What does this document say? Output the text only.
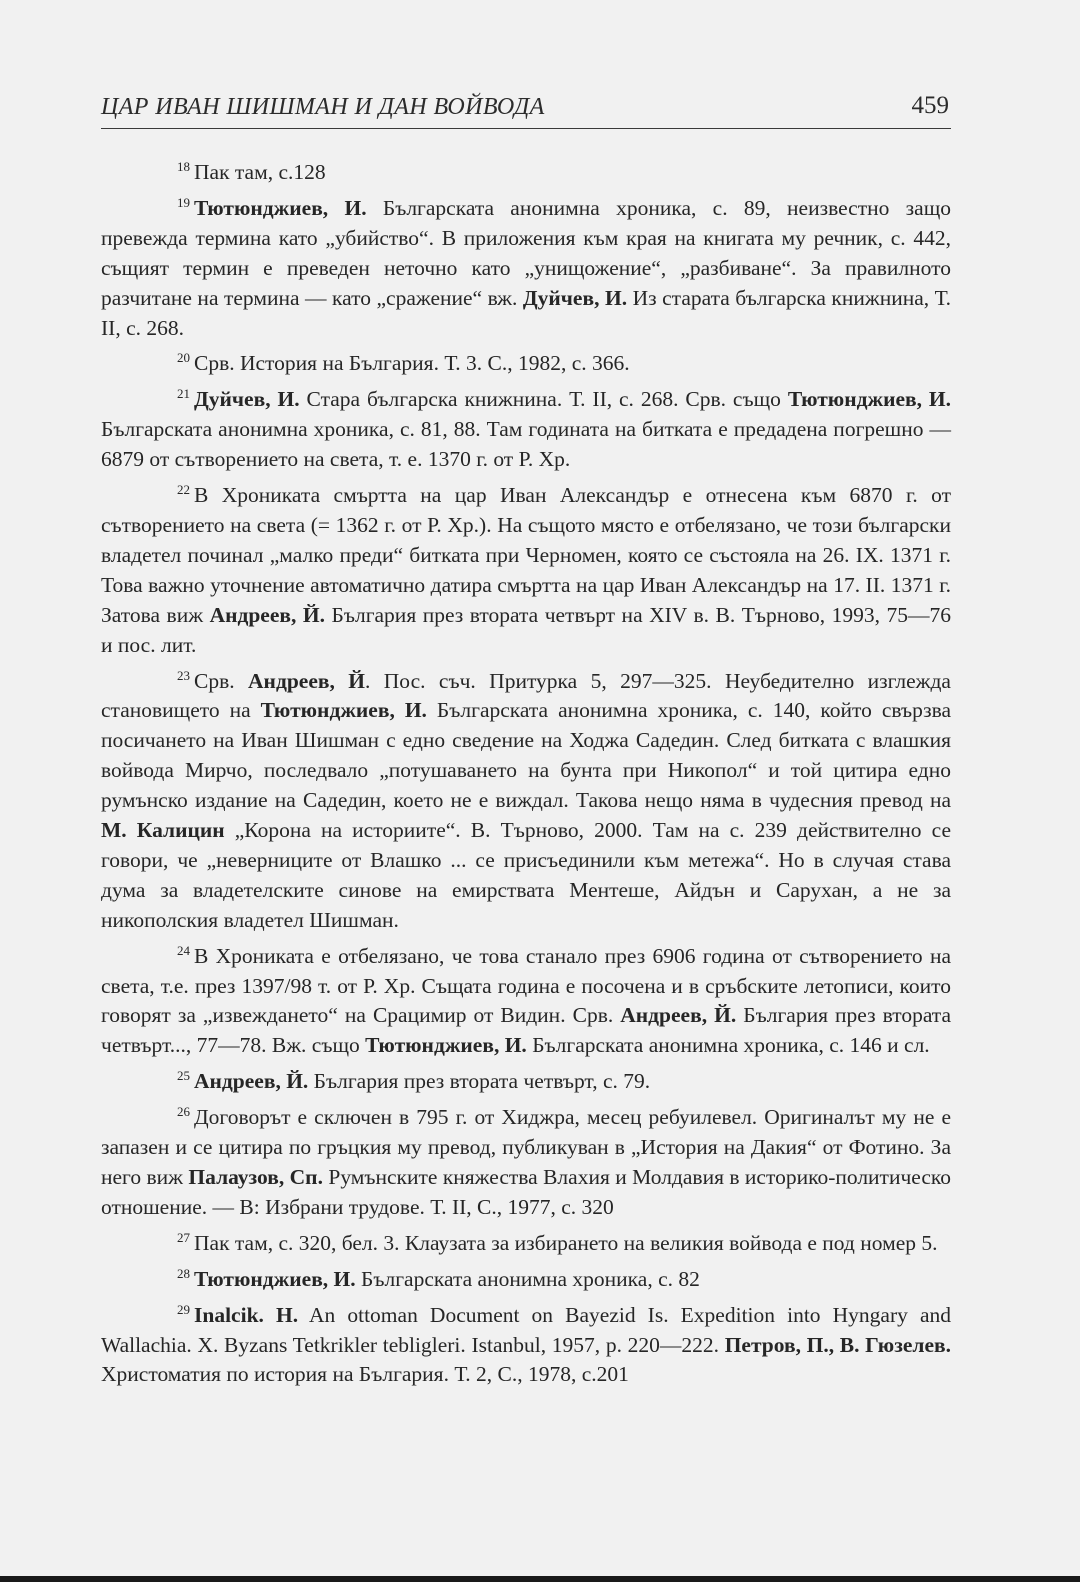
ЦАР ИВАН ШИШМАН И ДАН ВОЙВОДА	459

$^{18}$ Пак там, с.128

$^{19}$ Тютюнджиев, И. Българската анонимна хроника, с. 89, неизвестно защо превежда термина като „убийство“. В приложения към края на книгата му речник, с. 442, същият термин е преведен неточно като „унищожение“, „разбиване“. За правилното разчитане на термина — като „сражение“ вж. Дуйчев, И. Из старата българска книжнина, Т. II, с. 268.

$^{20}$ Срв. История на България. Т. 3. С., 1982, с. 366.

$^{21}$ Дуйчев, И. Стара българска книжнина. Т. II, с. 268. Срв. също Тютюнджиев, И. Българската анонимна хроника, с. 81, 88. Там годината на битката е предадена погрешно — 6879 от сътворението на света, т. е. 1370 г. от Р. Хр.

$^{22}$ В Хрониката смъртта на цар Иван Александър е отнесена към 6870 г. от сътворението на света (= 1362 г. от Р. Хр.). На същото място е отбелязано, че този български владетел починал „малко преди“ битката при Черномен, която се състояла на 26. IX. 1371 г. Това важно уточнение автоматично датира смъртта на цар Иван Александър на 17. II. 1371 г. Затова виж Андреев, Й. България през втората четвърт на XIV в. В. Търново, 1993, 75—76 и пос. лит.

$^{23}$ Срв. Андреев, Й. Пос. съч. Притурка 5, 297—325. Неубедително изглежда становището на Тютюнджиев, И. Българската анонимна хроника, с. 140, който свързва посичането на Иван Шишман с едно сведение на Ходжа Садедин. След битката с влашкия войвода Мирчо, последвало „потушаването на бунта при Никопол“ и той цитира едно румънско издание на Садедин, което не е виждал. Такова нещо няма в чудесния превод на М. Калицин „Корона на историите“. В. Търново, 2000. Там на с. 239 действително се говори, че „неверниците от Влашко ... се присъединили към метежа“. Но в случая става дума за владетелските синове на емирствата Ментеше, Айдън и Сарухан, а не за никополския владетел Шишман.

$^{24}$ В Хрониката е отбелязано, че това станало през 6906 година от сътворението на света, т.е. през 1397/98 т. от Р. Хр. Същата година е посочена и в сръбските летописи, които говорят за „извеждането“ на Срацимир от Видин. Срв. Андреев, Й. България през втората четвърт..., 77—78. Вж. също Тютюнджиев, И. Българската анонимна хроника, с. 146 и сл.

$^{25}$ Андреев, Й. България през втората четвърт, с. 79.

$^{26}$ Договорът е сключен в 795 г. от Хиджра, месец ребуилевел. Оригиналът му не е запазен и се цитира по гръцкия му превод, публикуван в „История на Дакия“ от Фотино. За него виж Палаузов, Сп. Румънските княжества Влахия и Молдавия в историко-политическо отношение. — В: Избрани трудове. Т. II, С., 1977, с. 320

$^{27}$ Пак там, с. 320, бел. 3. Клаузата за избирането на великия войвода е под номер 5.

$^{28}$ Тютюнджиев, И. Българската анонимна хроника, с. 82

$^{29}$ Inalcik. H. An ottoman Document on Bayezid Is. Expedition into Hyngary and Wallachia. X. Byzans Tetkrikler tebligleri. Istanbul, 1957, p. 220—222. Петров, П., В. Гюзелев. Христоматия по история на България. Т. 2, С., 1978, с.201
